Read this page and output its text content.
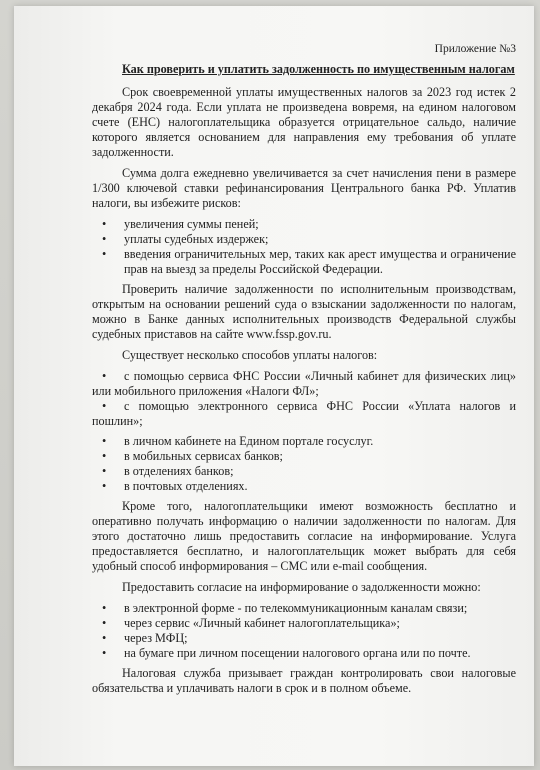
Приложение №3
Как проверить и уплатить задолженность по имущественным налогам

Срок своевременной уплаты имущественных налогов за 2023 год истек 2 декабря 2024 года. Если уплата не произведена вовремя, на едином налоговом счете (ЕНС) налогоплательщика образуется отрицательное сальдо, наличие которого является основанием для направления ему требования об уплате задолженности.

Сумма долга ежедневно увеличивается за счет начисления пени в размере 1/300 ключевой ставки рефинансирования Центрального банка РФ. Уплатив налоги, вы избежите рисков:

• увеличения суммы пеней;
• уплаты судебных издержек;
• введения ограничительных мер, таких как арест имущества и ограничение прав на выезд за пределы Российской Федерации.

Проверить наличие задолженности по исполнительным производствам, открытым на основании решений суда о взыскании задолженности по налогам, можно в Банке данных исполнительных производств Федеральной службы судебных приставов на сайте www.fssp.gov.ru.

Существует несколько способов уплаты налогов:

• с помощью сервиса ФНС России «Личный кабинет для физических лиц» или мобильного приложения «Налоги ФЛ»;
• с помощью электронного сервиса ФНС России «Уплата налогов и пошлин»;
• в личном кабинете на Едином портале госуслуг.
• в мобильных сервисах банков;
• в отделениях банков;
• в почтовых отделениях.

Кроме того, налогоплательщики имеют возможность бесплатно и оперативно получать информацию о наличии задолженности по налогам. Для этого достаточно лишь предоставить согласие на информирование. Услуга предоставляется бесплатно, и налогоплательщик может выбрать для себя удобный способ информирования – СМС или e-mail сообщения.

Предоставить согласие на информирование о задолженности можно:

• в электронной форме - по телекоммуникационным каналам связи;
• через сервис «Личный кабинет налогоплательщика»;
• через МФЦ;
• на бумаге при личном посещении налогового органа или по почте.

Налоговая служба призывает граждан контролировать свои налоговые обязательства и уплачивать налоги в срок и в полном объеме.
